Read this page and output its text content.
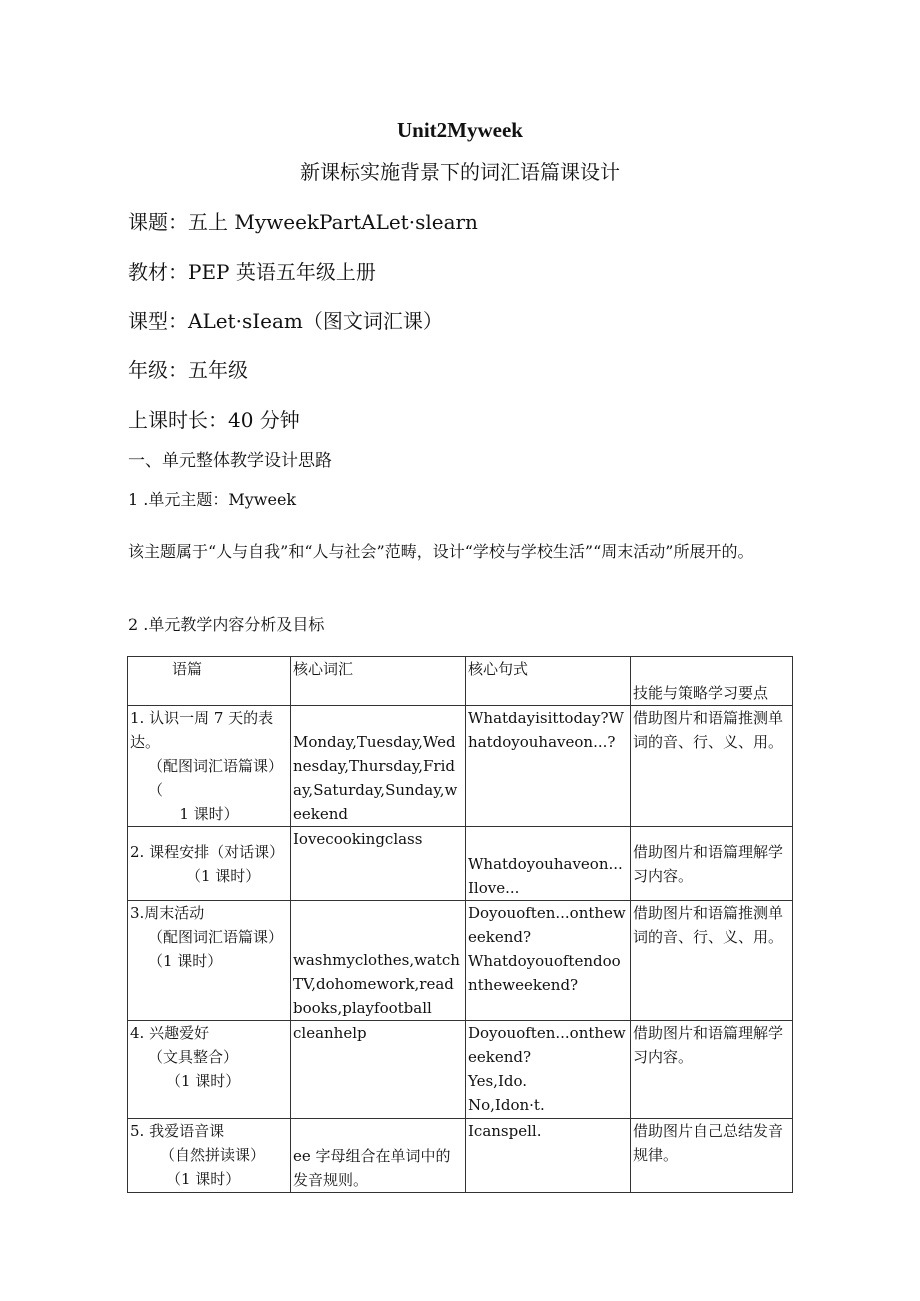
Unit2Myweek
新课标实施背景下的词汇语篇课设计
课题：五上 MyweekPartALet·slearn
教材：PEP 英语五年级上册
课型：ALet·sIeam（图文词汇课）
年级：五年级
上课时长：40 分钟
一、单元整体教学设计思路
1 .单元主题：Myweek
该主题属于“人与自我”和“人与社会”范畴，设计“学校与学校生活”“周末活动”所展开的。
2 .单元教学内容分析及目标
语篇	核心词汇	核心句式	技能与策略学习要点

1. 认识一周 7 天的表达。
（配图词汇语篇课）（
1 课时）	Monday,Tuesday,Wednesday,Thursday,Friday,Saturday,Sunday,weekend	Whatdayisittoday?Whatdoyouhaveon...?	借助图片和语篇推测单词的音、行、义、用。

2. 课程安排（对话课）
（1 课时）	Iovecookingclass	Whatdoyouhaveon...
Ilove...	借助图片和语篇理解学习内容。

3.周末活动
（配图词汇语篇课）
（1 课时）	washmyclothes,watchTV,dohomework,readbooks,playfootball	Doyouoften...ontheweekend?
Whatdoyouoftendoontheweekend?	借助图片和语篇推测单词的音、行、义、用。

4. 兴趣爱好
（文具整合）
（1 课时）	cleanhelp	Doyouoften...ontheweekend?
Yes,Ido.
No,Idon·t.	借助图片和语篇理解学习内容。

5. 我爱语音课
（自然拼读课）
（1 课时）	ee 字母组合在单词中的发音规则。	Icanspell.	借助图片自己总结发音规律。
